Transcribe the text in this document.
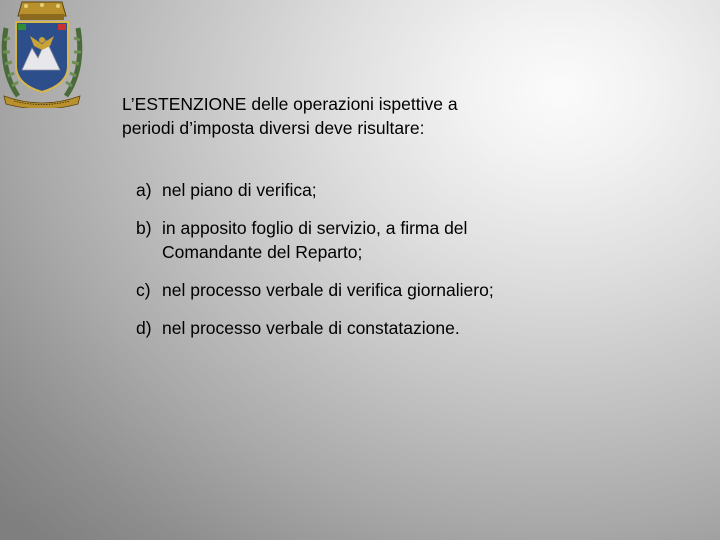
L’ESTENZIONE delle operazioni ispettive a
periodi d’imposta diversi deve risultare:
a) nel piano di verifica;
b) in apposito foglio di servizio, a firma del
Comandante del Reparto;
c) nel processo verbale di verifica giornaliero;
d) nel processo verbale di constatazione.
